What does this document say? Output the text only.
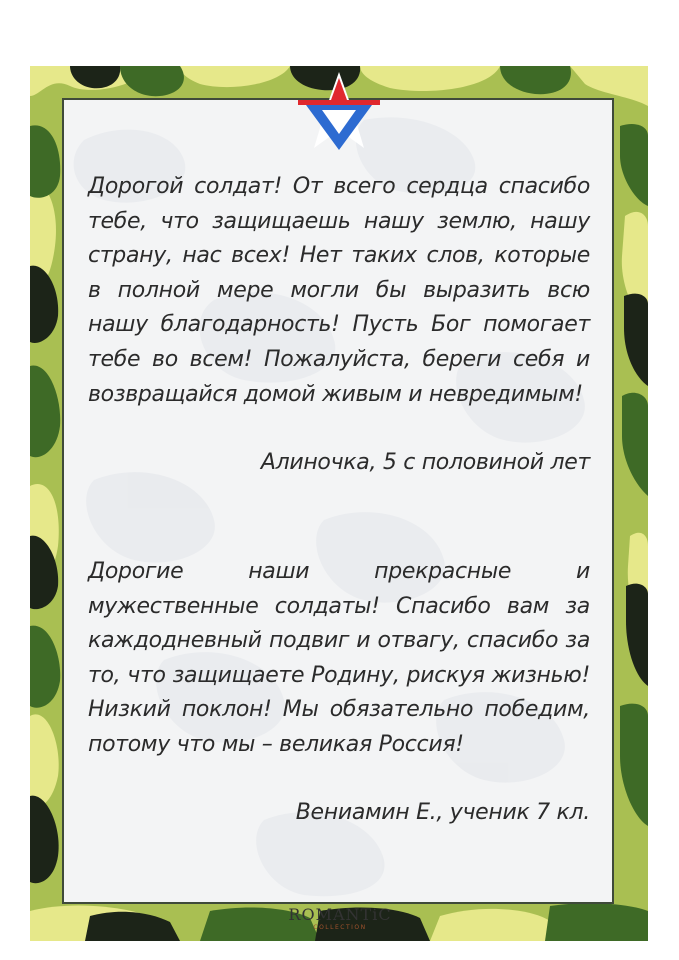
Дорогой солдат! От всего сердца спасибо тебе, что защищаешь нашу землю, нашу страну, нас всех! Нет таких слов, которые в полной мере могли бы выразить всю нашу благодарность! Пусть Бог помогает тебе во всем! Пожалуйста, береги себя и возвращайся домой живым и невредимым!
Алиночка, 5 с половиной лет
Дорогие наши прекрасные и мужественные солдаты! Спасибо вам за каждодневный подвиг и отвагу, спасибо за то, что защищаете Родину, рискуя жизнью! Низкий поклон! Мы обязательно победим, потому что мы – великая Россия!
Вениамин Е., ученик 7 кл.
ROMANTiC
COLLECTION
